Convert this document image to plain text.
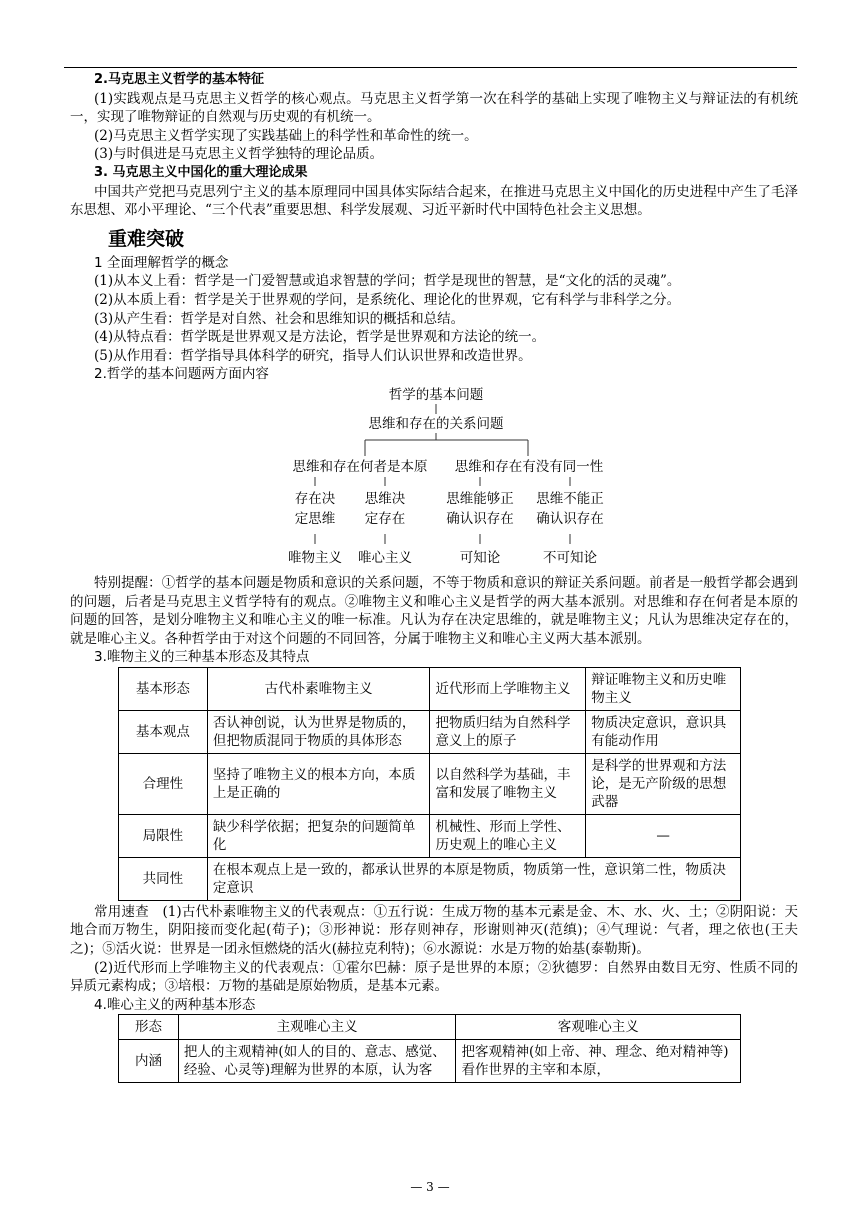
2.马克思主义哲学的基本特征

(1)实践观点是马克思主义哲学的核心观点。马克思主义哲学第一次在科学的基础上实现了唯物主义与辩证法的有机统一，实现了唯物辩证的自然观与历史观的有机统一。

(2)马克思主义哲学实现了实践基础上的科学性和革命性的统一。

(3)与时俱进是马克思主义哲学独特的理论品质。

3. 马克思主义中国化的重大理论成果

中国共产党把马克思列宁主义的基本原理同中国具体实际结合起来，在推进马克思主义中国化的历史进程中产生了毛泽东思想、邓小平理论、“三个代表”重要思想、科学发展观、习近平新时代中国特色社会主义思想。

重难突破

1 全面理解哲学的概念

(1)从本义上看：哲学是一门爱智慧或追求智慧的学问；哲学是现世的智慧，是“文化的活的灵魂”。

(2)从本质上看：哲学是关于世界观的学问，是系统化、理论化的世界观，它有科学与非科学之分。

(3)从产生看：哲学是对自然、社会和思维知识的概括和总结。

(4)从特点看：哲学既是世界观又是方法论，哲学是世界观和方法论的统一。

(5)从作用看：哲学指导具体科学的研究，指导人们认识世界和改造世界。

2.哲学的基本问题两方面内容

哲学的基本问题
思维和存在的关系问题
思维和存在何者是本原	思维和存在有没有同一性
存在决
定思维
思维决
定存在
思维能够正
确认识存在
思维不能正
确认识存在
唯物主义	唯心主义	可知论	不可知论

特别提醒：①哲学的基本问题是物质和意识的关系问题，不等于物质和意识的辩证关系问题。前者是一般哲学都会遇到的问题，后者是马克思主义哲学特有的观点。②唯物主义和唯心主义是哲学的两大基本派别。对思维和存在何者是本原的问题的回答，是划分唯物主义和唯心主义的唯一标准。凡认为存在决定思维的，就是唯物主义；凡认为思维决定存在的，就是唯心主义。各种哲学由于对这个问题的不同回答，分属于唯物主义和唯心主义两大基本派别。

3.唯物主义的三种基本形态及其特点

基本形态	古代朴素唯物主义	近代形而上学唯物主义	辩证唯物主义和历史唯物主义
基本观点	否认神创说，认为世界是物质的，但把物质混同于物质的具体形态	把物质归结为自然科学意义上的原子	物质决定意识，意识具有能动作用
合理性	坚持了唯物主义的根本方向，本质上是正确的	以自然科学为基础，丰富和发展了唯物主义	是科学的世界观和方法论，是无产阶级的思想武器
局限性	缺少科学依据；把复杂的问题简单化	机械性、形而上学性、历史观上的唯心主义	—
共同性	在根本观点上是一致的，都承认世界的本原是物质，物质第一性，意识第二性，物质决定意识		

常用速查　 (1)古代朴素唯物主义的代表观点：①五行说：生成万物的基本元素是金、木、水、火、土；②阴阳说：天地合而万物生，阴阳接而变化起(荀子)；③形神说：形存则神存，形谢则神灭(范缜)；④气理说：气者，理之依也(王夫之)；⑤活火说：世界是一团永恒燃烧的活火(赫拉克利特)；⑥水源说：水是万物的始基(泰勒斯)。

(2)近代形而上学唯物主义的代表观点：①霍尔巴赫：原子是世界的本原；②狄德罗：自然界由数目无穷、性质不同的异质元素构成；③培根：万物的基础是原始物质，是基本元素。

4.唯心主义的两种基本形态

形态	主观唯心主义	客观唯心主义
内涵	把人的主观精神(如人的目的、意志、感觉、经验、心灵等)理解为世界的本原，认为客	把客观精神(如上帝、神、理念、绝对精神等)看作世界的主宰和本原，
— 3 —
